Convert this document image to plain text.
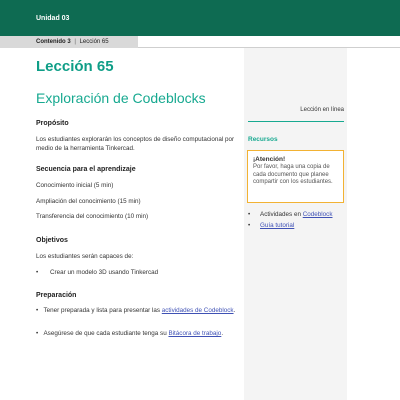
Unidad 03
Contenido 3 | Lección 65
Lección 65
Exploración de Codeblocks
Lección en línea
Propósito
Los estudiantes explorarán los conceptos de diseño computacional por medio de la herramienta Tinkercad.
Secuencia para el aprendizaje
Conocimiento inicial (5 min)
Ampliación del conocimiento (15 min)
Transferencia del conocimiento (10 min)
Objetivos
Los estudiantes serán capaces de:
• Crear un modelo 3D usando Tinkercad
Preparación
• Tener preparada y lista para presentar las actividades de Codeblock.
• Asegúrese de que cada estudiante tenga su Bitácora de trabajo.
Recursos
¡Atención!
Por favor, haga una copia de cada documento que planee compartir con los estudiantes.
• Actividades en Codeblock
• Guía tutorial
